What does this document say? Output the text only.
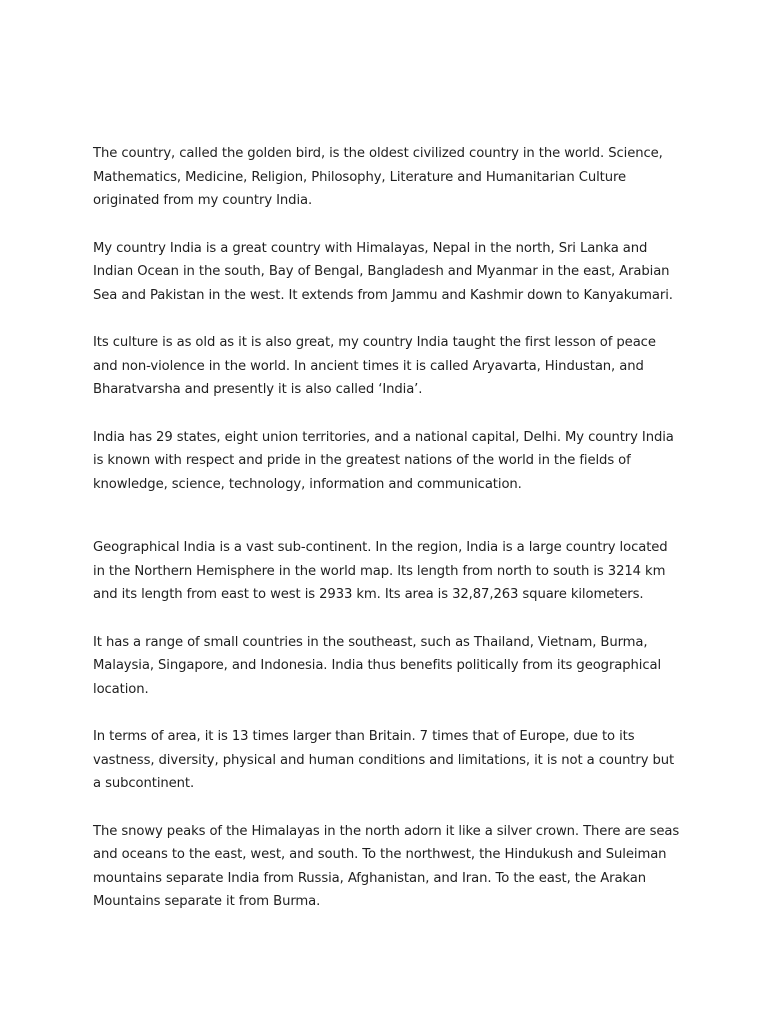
The country, called the golden bird, is the oldest civilized country in the world. Science, Mathematics, Medicine, Religion, Philosophy, Literature and Humanitarian Culture originated from my country India.

My country India is a great country with Himalayas, Nepal in the north, Sri Lanka and Indian Ocean in the south, Bay of Bengal, Bangladesh and Myanmar in the east, Arabian Sea and Pakistan in the west. It extends from Jammu and Kashmir down to Kanyakumari.

Its culture is as old as it is also great, my country India taught the first lesson of peace and non-violence in the world. In ancient times it is called Aryavarta, Hindustan, and Bharatvarsha and presently it is also called ‘India’.

India has 29 states, eight union territories, and a national capital, Delhi. My country India is known with respect and pride in the greatest nations of the world in the fields of knowledge, science, technology, information and communication.

Geographical India is a vast sub-continent. In the region, India is a large country located in the Northern Hemisphere in the world map. Its length from north to south is 3214 km and its length from east to west is 2933 km. Its area is 32,87,263 square kilometers.

It has a range of small countries in the southeast, such as Thailand, Vietnam, Burma, Malaysia, Singapore, and Indonesia. India thus benefits politically from its geographical location.

In terms of area, it is 13 times larger than Britain. 7 times that of Europe, due to its vastness, diversity, physical and human conditions and limitations, it is not a country but a subcontinent.

The snowy peaks of the Himalayas in the north adorn it like a silver crown. There are seas and oceans to the east, west, and south. To the northwest, the Hindukush and Suleiman mountains separate India from Russia, Afghanistan, and Iran. To the east, the Arakan Mountains separate it from Burma.
